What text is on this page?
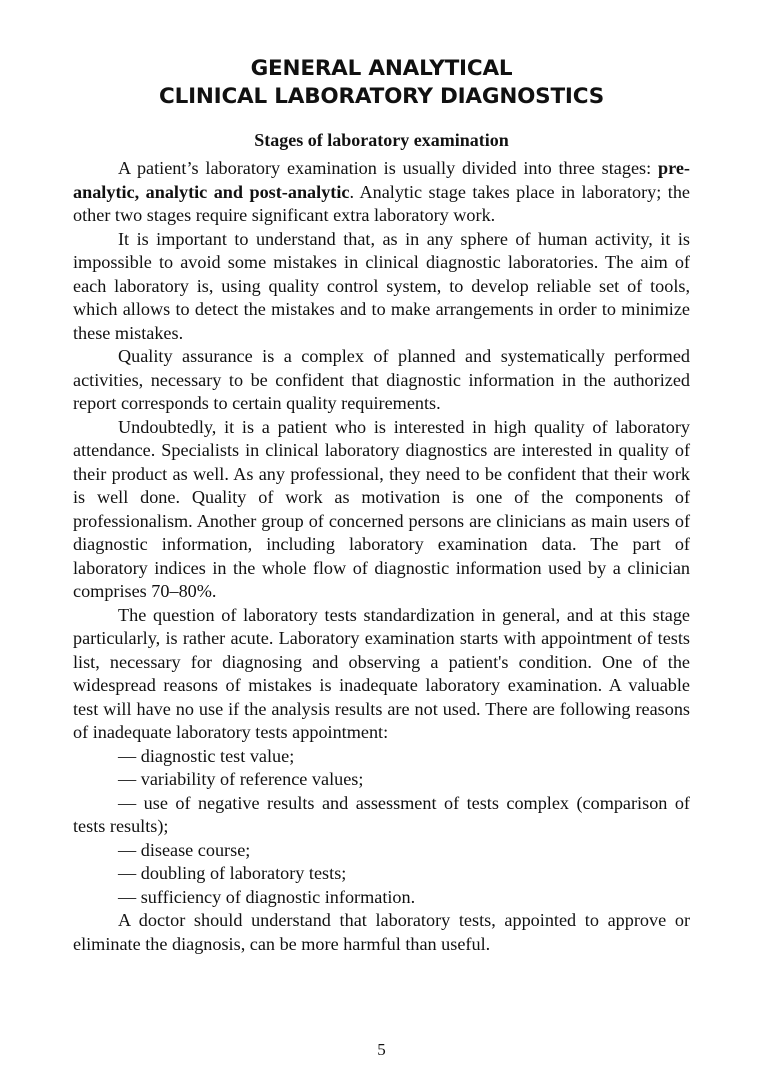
GENERAL ANALYTICAL
CLINICAL LABORATORY DIAGNOSTICS
Stages of laboratory examination

A patient’s laboratory examination is usually divided into three stages: pre-analytic, analytic and post-analytic. Analytic stage takes place in laboratory; the other two stages require significant extra laboratory work.

It is important to understand that, as in any sphere of human activity, it is impossible to avoid some mistakes in clinical diagnostic laboratories. The aim of each laboratory is, using quality control system, to develop reliable set of tools, which allows to detect the mistakes and to make arrangements in order to minimize these mistakes.

Quality assurance is a complex of planned and systematically performed activities, necessary to be confident that diagnostic information in the authorized report corresponds to certain quality requirements.

Undoubtedly, it is a patient who is interested in high quality of laboratory attendance. Specialists in clinical laboratory diagnostics are interested in quality of their product as well. As any professional, they need to be confident that their work is well done. Quality of work as motivation is one of the components of professionalism. Another group of concerned persons are clinicians as main users of diagnostic information, including laboratory examination data. The part of laboratory indices in the whole flow of diagnostic information used by a clinician comprises 70–80%.

The question of laboratory tests standardization in general, and at this stage particularly, is rather acute. Laboratory examination starts with appointment of tests list, necessary for diagnosing and observing a patient's condition. One of the widespread reasons of mistakes is inadequate laboratory examination. A valuable test will have no use if the analysis results are not used. There are following reasons of inadequate laboratory tests appointment:

— diagnostic test value;

— variability of reference values;

— use of negative results and assessment of tests complex (comparison of tests results);

— disease course;

— doubling of laboratory tests;

— sufficiency of diagnostic information.

A doctor should understand that laboratory tests, appointed to approve or eliminate the diagnosis, can be more harmful than useful.

5
